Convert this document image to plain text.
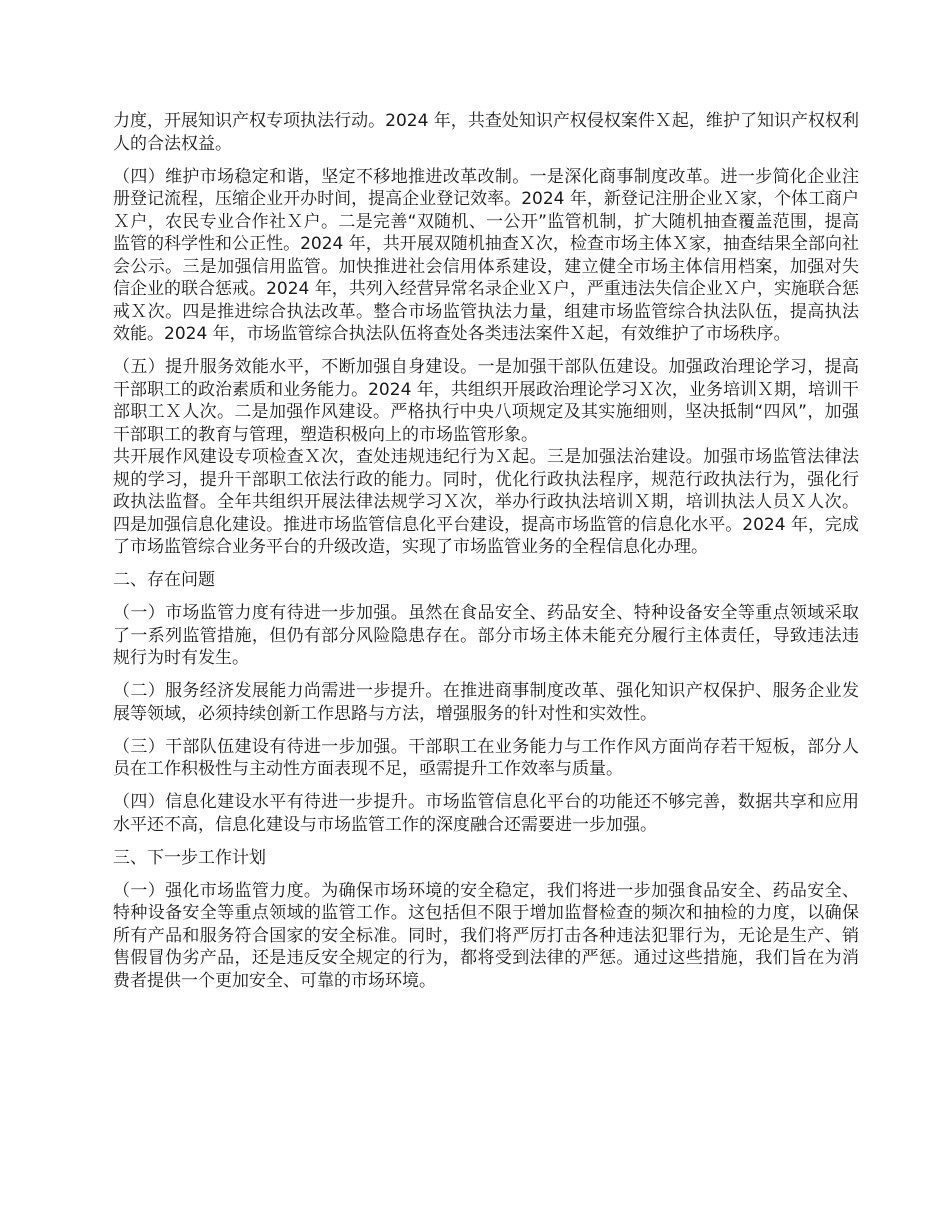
力度，开展知识产权专项执法行动。2024 年，共查处知识产权侵权案件Ｘ起，维护了知识产权权利人的合法权益。

（四）维护市场稳定和谐，坚定不移地推进改革改制。一是深化商事制度改革。进一步简化企业注册登记流程，压缩企业开办时间，提高企业登记效率。2024 年，新登记注册企业Ｘ家，个体工商户Ｘ户，农民专业合作社Ｘ户。二是完善“双随机、一公开”监管机制，扩大随机抽查覆盖范围，提高监管的科学性和公正性。2024 年，共开展双随机抽查Ｘ次，检查市场主体Ｘ家，抽查结果全部向社会公示。三是加强信用监管。加快推进社会信用体系建设，建立健全市场主体信用档案，加强对失信企业的联合惩戒。2024 年，共列入经营异常名录企业Ｘ户，严重违法失信企业Ｘ户，实施联合惩戒Ｘ次。四是推进综合执法改革。整合市场监管执法力量，组建市场监管综合执法队伍，提高执法效能。2024 年，市场监管综合执法队伍将查处各类违法案件Ｘ起，有效维护了市场秩序。

（五）提升服务效能水平，不断加强自身建设。一是加强干部队伍建设。加强政治理论学习，提高干部职工的政治素质和业务能力。2024 年，共组织开展政治理论学习Ｘ次，业务培训Ｘ期，培训干部职工Ｘ人次。二是加强作风建设。严格执行中央八项规定及其实施细则，坚决抵制“四风”，加强干部职工的教育与管理，塑造积极向上的市场监管形象。

共开展作风建设专项检查Ｘ次，查处违规违纪行为Ｘ起。三是加强法治建设。加强市场监管法律法规的学习，提升干部职工依法行政的能力。同时，优化行政执法程序，规范行政执法行为，强化行政执法监督。全年共组织开展法律法规学习Ｘ次，举办行政执法培训Ｘ期，培训执法人员Ｘ人次。四是加强信息化建设。推进市场监管信息化平台建设，提高市场监管的信息化水平。2024 年，完成了市场监管综合业务平台的升级改造，实现了市场监管业务的全程信息化办理。

二、存在问题

（一）市场监管力度有待进一步加强。虽然在食品安全、药品安全、特种设备安全等重点领域采取了一系列监管措施，但仍有部分风险隐患存在。部分市场主体未能充分履行主体责任，导致违法违规行为时有发生。

（二）服务经济发展能力尚需进一步提升。在推进商事制度改革、强化知识产权保护、服务企业发展等领域，必须持续创新工作思路与方法，增强服务的针对性和实效性。

（三）干部队伍建设有待进一步加强。干部职工在业务能力与工作作风方面尚存若干短板，部分人员在工作积极性与主动性方面表现不足，亟需提升工作效率与质量。

（四）信息化建设水平有待进一步提升。市场监管信息化平台的功能还不够完善，数据共享和应用水平还不高，信息化建设与市场监管工作的深度融合还需要进一步加强。

三、下一步工作计划

（一）强化市场监管力度。为确保市场环境的安全稳定，我们将进一步加强食品安全、药品安全、特种设备安全等重点领域的监管工作。这包括但不限于增加监督检查的频次和抽检的力度，以确保所有产品和服务符合国家的安全标准。同时，我们将严厉打击各种违法犯罪行为，无论是生产、销售假冒伪劣产品，还是违反安全规定的行为，都将受到法律的严惩。通过这些措施，我们旨在为消费者提供一个更加安全、可靠的市场环境。
